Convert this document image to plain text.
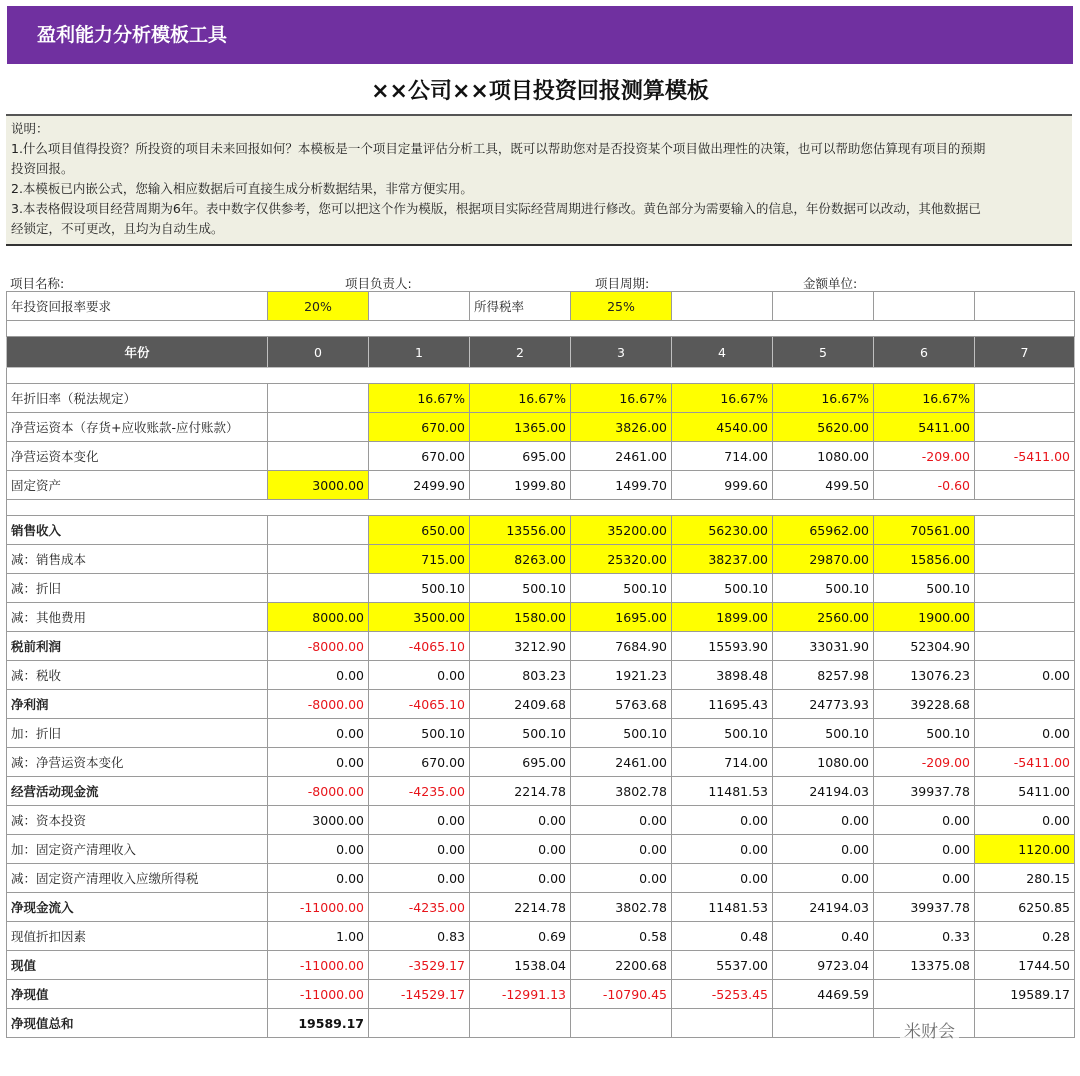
盈利能力分析模板工具
××公司××项目投资回报测算模板
说明：
1.什么项目值得投资？所投资的项目未来回报如何？本模板是一个项目定量评估分析工具，既可以帮助您对是否投资某个项目做出理性的决策，也可以帮助您估算现有项目的预期
投资回报。
2.本模板已内嵌公式，您输入相应数据后可直接生成分析数据结果，非常方便实用。
3.本表格假设项目经营周期为6年。表中数字仅供参考，您可以把这个作为模版，根据项目实际经营周期进行修改。黄色部分为需要输入的信息，年份数据可以改动，其他数据已
经锁定，不可更改，且均为自动生成。
项目名称:	项目负责人:	项目周期:	金额单位:
年投资回报率要求	20%		所得税率	25%				

年份	0	1	2	3	4	5	6	7

年折旧率（税法规定）		16.67%	16.67%	16.67%	16.67%	16.67%	16.67%	
净营运资本（存货+应收账款-应付账款）		670.00	1365.00	3826.00	4540.00	5620.00	5411.00	
净营运资本变化		670.00	695.00	2461.00	714.00	1080.00	-209.00	-5411.00
固定资产	3000.00	2499.90	1999.80	1499.70	999.60	499.50	-0.60	

销售收入		650.00	13556.00	35200.00	56230.00	65962.00	70561.00	
减：销售成本		715.00	8263.00	25320.00	38237.00	29870.00	15856.00	
减：折旧		500.10	500.10	500.10	500.10	500.10	500.10	
减：其他费用	8000.00	3500.00	1580.00	1695.00	1899.00	2560.00	1900.00	
税前利润	-8000.00	-4065.10	3212.90	7684.90	15593.90	33031.90	52304.90	
减：税收	0.00	0.00	803.23	1921.23	3898.48	8257.98	13076.23	0.00
净利润	-8000.00	-4065.10	2409.68	5763.68	11695.43	24773.93	39228.68	
加：折旧	0.00	500.10	500.10	500.10	500.10	500.10	500.10	0.00
减：净营运资本变化	0.00	670.00	695.00	2461.00	714.00	1080.00	-209.00	-5411.00
经营活动现金流	-8000.00	-4235.00	2214.78	3802.78	11481.53	24194.03	39937.78	5411.00
减：资本投资	3000.00	0.00	0.00	0.00	0.00	0.00	0.00	0.00
加：固定资产清理收入	0.00	0.00	0.00	0.00	0.00	0.00	0.00	1120.00
减：固定资产清理收入应缴所得税	0.00	0.00	0.00	0.00	0.00	0.00	0.00	280.15
净现金流入	-11000.00	-4235.00	2214.78	3802.78	11481.53	24194.03	39937.78	6250.85
现值折扣因素	1.00	0.83	0.69	0.58	0.48	0.40	0.33	0.28
现值	-11000.00	-3529.17	1538.04	2200.68	5537.00	9723.04	13375.08	1744.50
净现值	-11000.00	-14529.17	-12991.13	-10790.45	-5253.45	4469.59		19589.17
净现值总和	19589.17								米财会
